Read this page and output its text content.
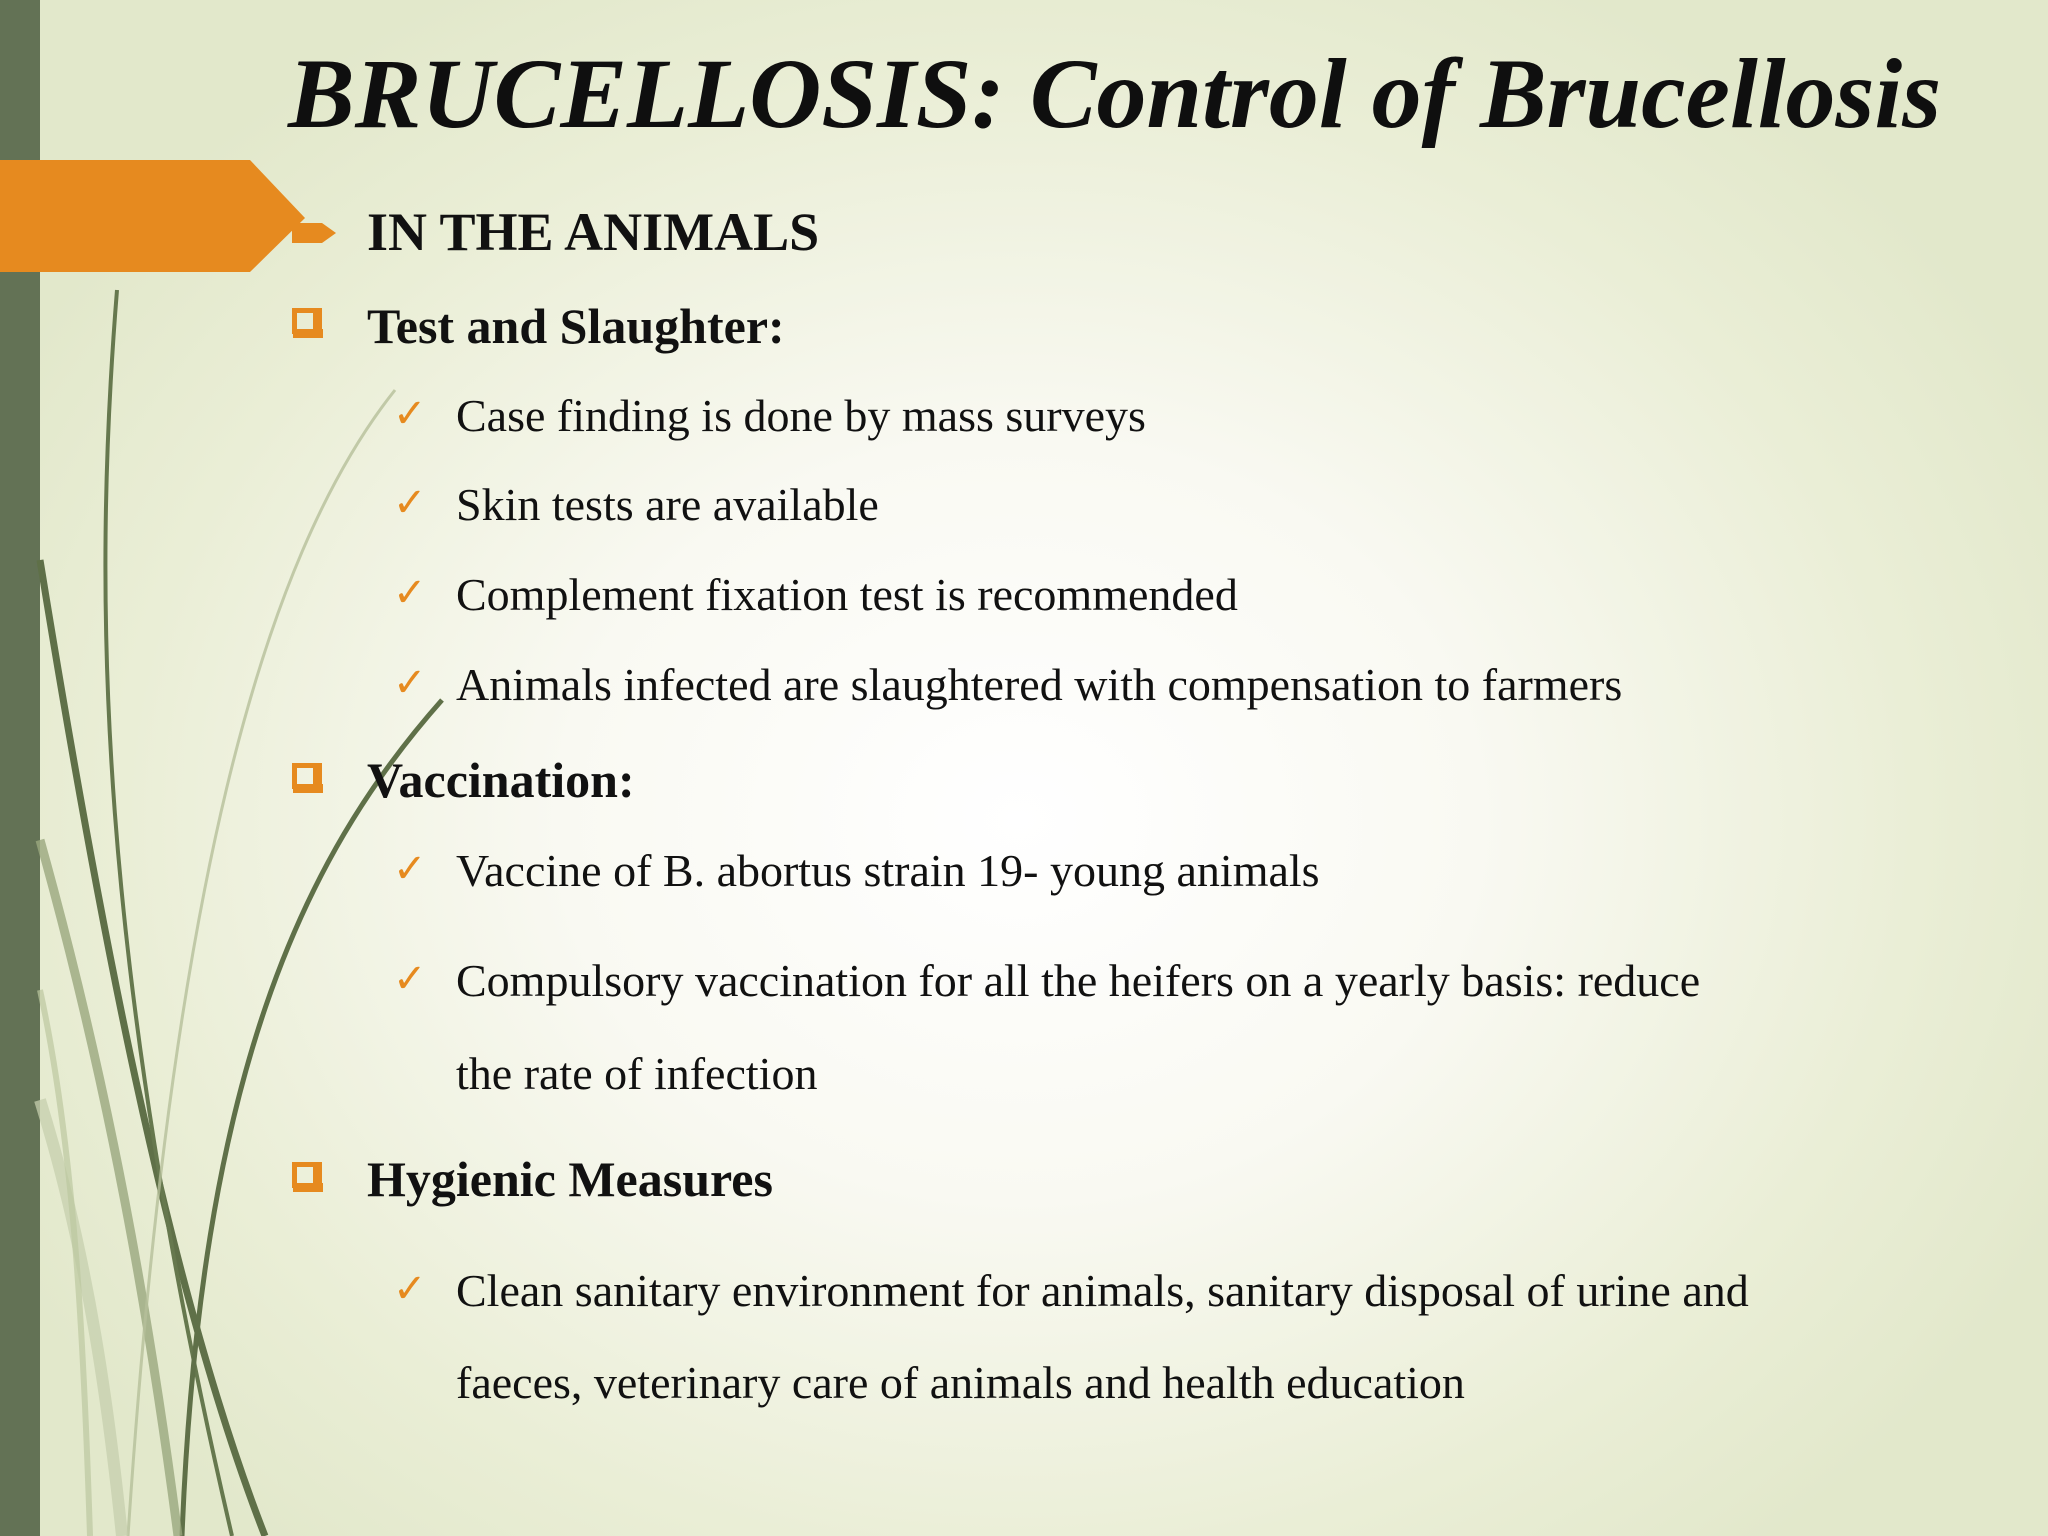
BRUCELLOSIS: Control of Brucellosis
IN THE ANIMALS
Test and Slaughter:
✓ Case finding is done by mass surveys
✓ Skin tests are available
✓ Complement fixation test is recommended
✓ Animals infected are slaughtered with compensation to farmers
Vaccination:
✓ Vaccine of B. abortus strain 19- young animals
✓ Compulsory vaccination for all the heifers on a yearly basis: reduce
the rate of infection
Hygienic Measures
✓ Clean sanitary environment for animals, sanitary disposal of urine and
faeces, veterinary care of animals and health education
